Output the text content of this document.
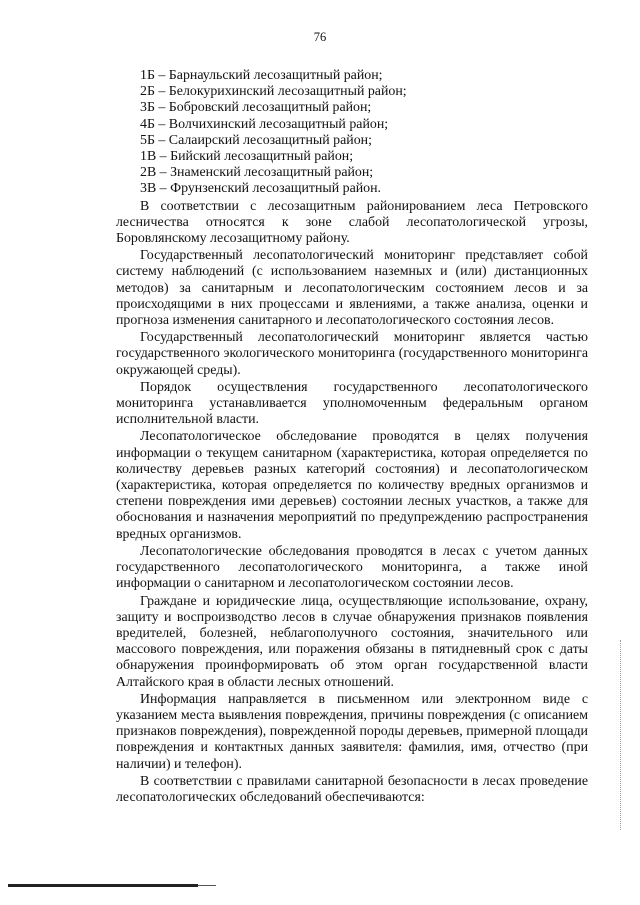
76
1Б – Барнаульский лесозащитный район;
2Б – Белокурихинский лесозащитный район;
3Б – Бобровский лесозащитный район;
4Б – Волчихинский лесозащитный район;
5Б – Салаирский лесозащитный район;
1В – Бийский лесозащитный район;
2В – Знаменский лесозащитный район;
3В – Фрунзенский лесозащитный район.

В соответствии с лесозащитным районированием леса Петровского лесничества относятся к зоне слабой лесопатологической угрозы, Боровлянскому лесозащитному району.

Государственный лесопатологический мониторинг представляет собой систему наблюдений (с использованием наземных и (или) дистанционных методов) за санитарным и лесопатологическим состоянием лесов и за происходящими в них процессами и явлениями, а также анализа, оценки и прогноза изменения санитарного и лесопатологического состояния лесов.

Государственный лесопатологический мониторинг является частью государственного экологического мониторинга (государственного мониторинга окружающей среды).

Порядок осуществления государственного лесопатологического мониторинга устанавливается уполномоченным федеральным органом исполнительной власти.

Лесопатологическое обследование проводятся в целях получения информации о текущем санитарном (характеристика, которая определяется по количеству деревьев разных категорий состояния) и лесопатологическом (характеристика, которая определяется по количеству вредных организмов и степени повреждения ими деревьев) состоянии лесных участков, а также для обоснования и назначения мероприятий по предупреждению распространения вредных организмов.

Лесопатологические обследования проводятся в лесах с учетом данных государственного лесопатологического мониторинга, а также иной информации о санитарном и лесопатологическом состоянии лесов.

Граждане и юридические лица, осуществляющие использование, охрану, защиту и воспроизводство лесов в случае обнаружения признаков появления вредителей, болезней, неблагополучного состояния, значительного или массового повреждения, или поражения обязаны в пятидневный срок с даты обнаружения проинформировать об этом орган государственной власти Алтайского края в области лесных отношений.

Информация направляется в письменном или электронном виде с указанием места выявления повреждения, причины повреждения (с описанием признаков повреждения), поврежденной породы деревьев, примерной площади повреждения и контактных данных заявителя: фамилия, имя, отчество (при наличии) и телефон).

В соответствии с правилами санитарной безопасности в лесах проведение лесопатологических обследований обеспечиваются:
